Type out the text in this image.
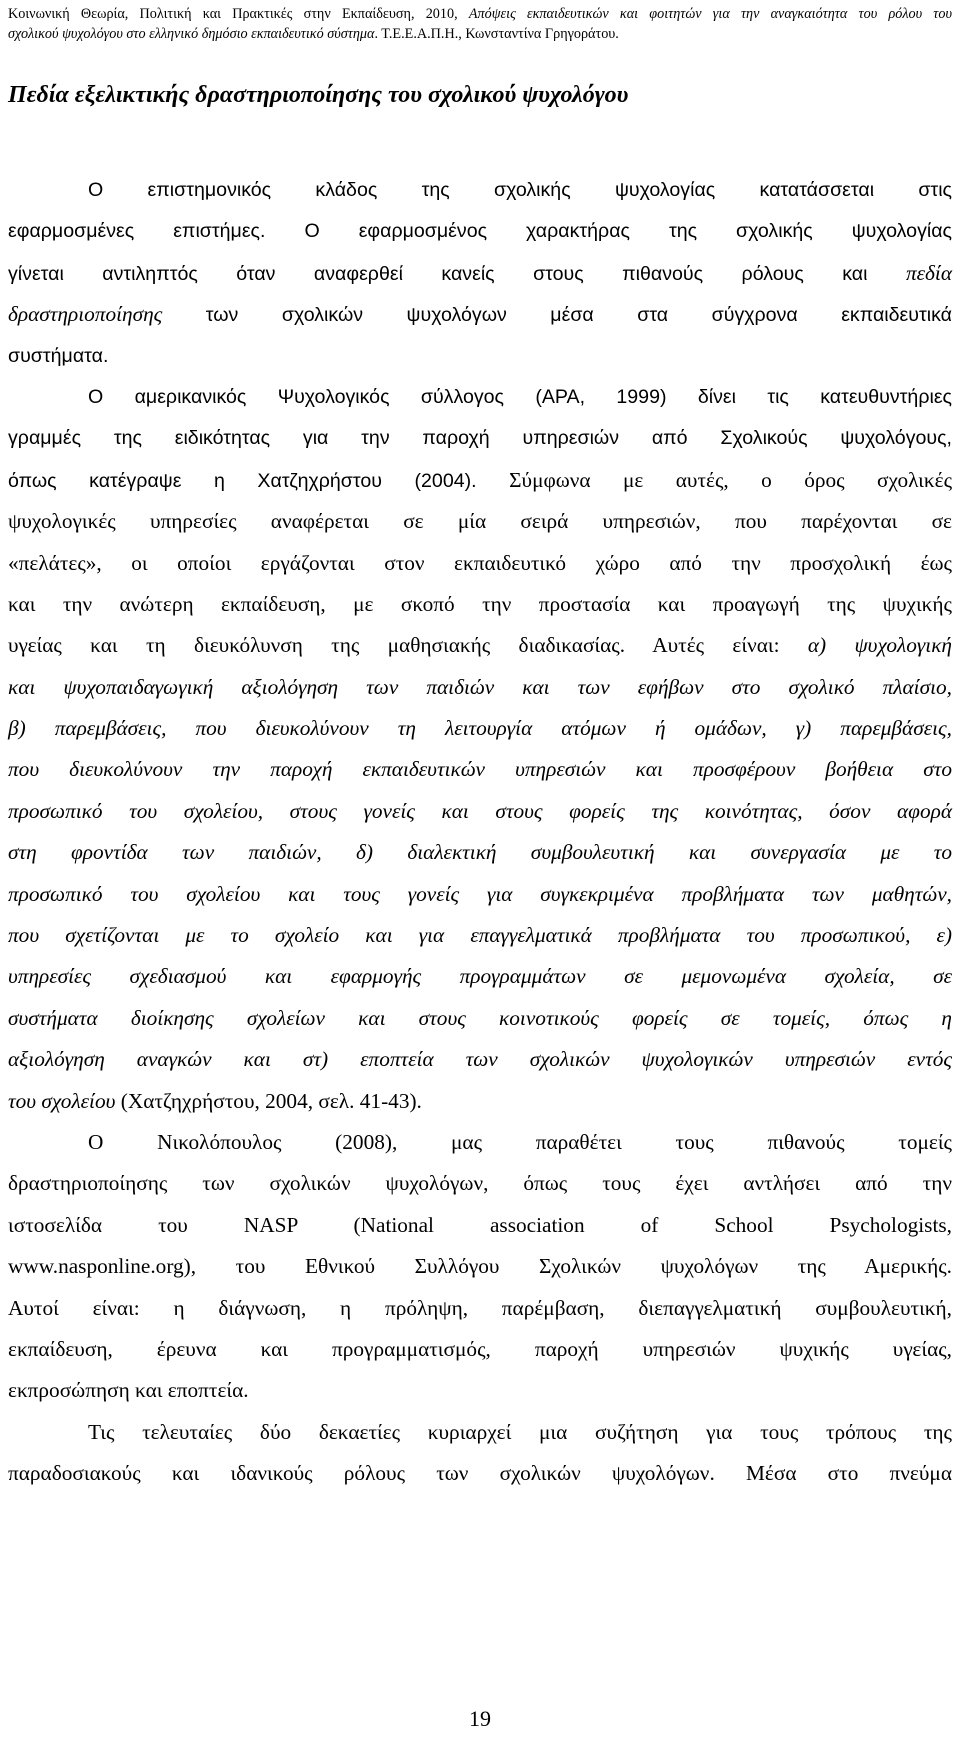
Κοινωνική Θεωρία, Πολιτική και Πρακτικές στην Εκπαίδευση, 2010, Απόψεις εκπαιδευτικών και φοιτητών για την αναγκαιότητα του ρόλου του
σχολικού ψυχολόγου στο ελληνικό δημόσιο εκπαιδευτικό σύστημα. Τ.Ε.Ε.Α.Π.Η., Κωνσταντίνα Γρηγοράτου.
Πεδία εξελικτικής δραστηριοποίησης του σχολικού ψυχολόγου
Ο επιστημονικός κλάδος της σχολικής ψυχολογίας κατατάσσεται στις
εφαρμοσμένες επιστήμες. Ο εφαρμοσμένος χαρακτήρας της σχολικής ψυχολογίας
γίνεται αντιληπτός όταν αναφερθεί κανείς στους πιθανούς ρόλους και πεδία
δραστηριοποίησης των σχολικών ψυχολόγων μέσα στα σύγχρονα εκπαιδευτικά
συστήματα.
Ο αμερικανικός Ψυχολογικός σύλλογος (APA, 1999) δίνει τις κατευθυντήριες
γραμμές της ειδικότητας για την παροχή υπηρεσιών από Σχολικούς ψυχολόγους,
όπως κατέγραψε η Χατζηχρήστου (2004). Σύμφωνα με αυτές, ο όρος σχολικές
ψυχολογικές υπηρεσίες αναφέρεται σε μία σειρά υπηρεσιών, που παρέχονται σε
«πελάτες», οι οποίοι εργάζονται στον εκπαιδευτικό χώρο από την προσχολική έως
και την ανώτερη εκπαίδευση, με σκοπό την προστασία και προαγωγή της ψυχικής
υγείας και τη διευκόλυνση της μαθησιακής διαδικασίας. Αυτές είναι: α) ψυχολογική
και ψυχοπαιδαγωγική αξιολόγηση των παιδιών και των εφήβων στο σχολικό πλαίσιο,
β) παρεμβάσεις, που διευκολύνουν τη λειτουργία ατόμων ή ομάδων, γ) παρεμβάσεις,
που διευκολύνουν την παροχή εκπαιδευτικών υπηρεσιών και προσφέρουν βοήθεια στο
προσωπικό του σχολείου, στους γονείς και στους φορείς της κοινότητας, όσον αφορά
στη φροντίδα των παιδιών, δ) διαλεκτική συμβουλευτική και συνεργασία με το
προσωπικό του σχολείου και τους γονείς για συγκεκριμένα προβλήματα των μαθητών,
που σχετίζονται με το σχολείο και για επαγγελματικά προβλήματα του προσωπικού, ε)
υπηρεσίες σχεδιασμού και εφαρμογής προγραμμάτων σε μεμονωμένα σχολεία, σε
συστήματα διοίκησης σχολείων και στους κοινοτικούς φορείς σε τομείς, όπως η
αξιολόγηση αναγκών και στ) εποπτεία των σχολικών ψυχολογικών υπηρεσιών εντός
του σχολείου (Χατζηχρήστου, 2004, σελ. 41-43).
Ο Νικολόπουλος (2008), μας παραθέτει τους πιθανούς τομείς
δραστηριοποίησης των σχολικών ψυχολόγων, όπως τους έχει αντλήσει από την
ιστοσελίδα του NASP (National association of School Psychologists,
www.nasponline.org), του Εθνικού Συλλόγου Σχολικών ψυχολόγων της Αμερικής.
Αυτοί είναι: η διάγνωση, η πρόληψη, παρέμβαση, διεπαγγελματική συμβουλευτική,
εκπαίδευση, έρευνα και προγραμματισμός, παροχή υπηρεσιών ψυχικής υγείας,
εκπροσώπηση και εποπτεία.
Τις τελευταίες δύο δεκαετίες κυριαρχεί μια συζήτηση για τους τρόπους της
παραδοσιακούς και ιδανικούς ρόλους των σχολικών ψυχολόγων. Μέσα στο πνεύμα
19
